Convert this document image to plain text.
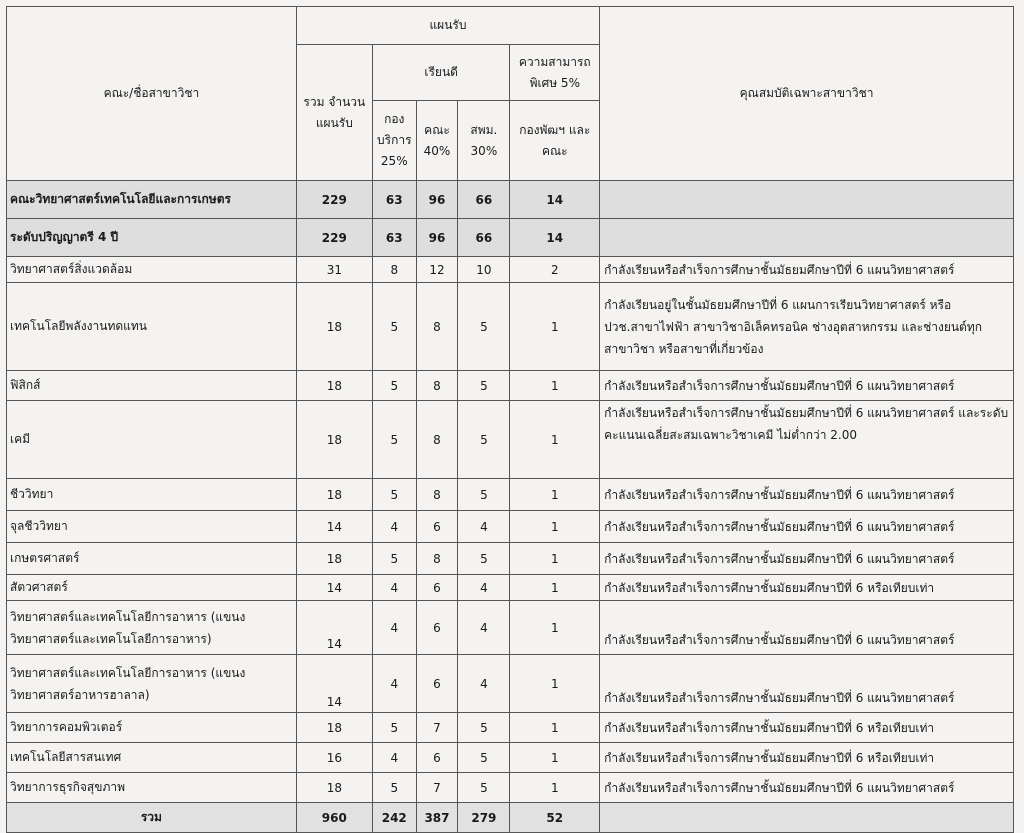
คณะ/ชื่อสาขาวิชา	แผนรับ					คุณสมบัติเฉพาะสาขาวิชา
	รวม จำนวน แผนรับ	เรียนดี			ความสามารถ พิเศษ 5%	
		กอง บริการ 25%	คณะ 40%	สพม. 30%	กองพัฒฯ และคณะ	
คณะวิทยาศาสตร์เทคโนโลยีและการเกษตร	229	63	96	66	14	
ระดับปริญญาตรี 4 ปี	229	63	96	66	14	
วิทยาศาสตร์สิ่งแวดล้อม	31	8	12	10	2	กำลังเรียนหรือสำเร็จการศึกษาชั้นมัธยมศึกษาปีที่ 6 แผนวิทยาศาสตร์
เทคโนโลยีพลังงานทดแทน	18	5	8	5	1	กำลังเรียนอยู่ในชั้นมัธยมศึกษาปีที่ 6 แผนการเรียนวิทยาศาสตร์ หรือ ปวช.สาขาไฟฟ้า สาขาวิชาอิเล็คทรอนิค ช่างอุตสาหกรรม และช่างยนต์ทุก สาขาวิชา หรือสาขาที่เกี่ยวข้อง
ฟิสิกส์	18	5	8	5	1	กำลังเรียนหรือสำเร็จการศึกษาชั้นมัธยมศึกษาปีที่ 6 แผนวิทยาศาสตร์
เคมี	18	5	8	5	1	กำลังเรียนหรือสำเร็จการศึกษาชั้นมัธยมศึกษาปีที่ 6 แผนวิทยาศาสตร์ และระดับคะแนนเฉลี่ยสะสมเฉพาะวิชาเคมี ไม่ต่ำกว่า 2.00
ชีววิทยา	18	5	8	5	1	กำลังเรียนหรือสำเร็จการศึกษาชั้นมัธยมศึกษาปีที่ 6 แผนวิทยาศาสตร์
จุลชีววิทยา	14	4	6	4	1	กำลังเรียนหรือสำเร็จการศึกษาชั้นมัธยมศึกษาปีที่ 6 แผนวิทยาศาสตร์
เกษตรศาสตร์	18	5	8	5	1	กำลังเรียนหรือสำเร็จการศึกษาชั้นมัธยมศึกษาปีที่ 6 แผนวิทยาศาสตร์
สัตวศาสตร์	14	4	6	4	1	กำลังเรียนหรือสำเร็จการศึกษาชั้นมัธยมศึกษาปีที่ 6 หรือเทียบเท่า
วิทยาศาสตร์และเทคโนโลยีการอาหาร (แขนงวิทยาศาสตร์และเทคโนโลยีการอาหาร)	14	4	6	4	1	กำลังเรียนหรือสำเร็จการศึกษาชั้นมัธยมศึกษาปีที่ 6 แผนวิทยาศาสตร์
วิทยาศาสตร์และเทคโนโลยีการอาหาร (แขนงวิทยาศาสตร์อาหารฮาลาล)	14	4	6	4	1	กำลังเรียนหรือสำเร็จการศึกษาชั้นมัธยมศึกษาปีที่ 6 แผนวิทยาศาสตร์
วิทยาการคอมพิวเตอร์	18	5	7	5	1	กำลังเรียนหรือสำเร็จการศึกษาชั้นมัธยมศึกษาปีที่ 6 หรือเทียบเท่า
เทคโนโลยีสารสนเทศ	16	4	6	5	1	กำลังเรียนหรือสำเร็จการศึกษาชั้นมัธยมศึกษาปีที่ 6 หรือเทียบเท่า
วิทยาการธุรกิจสุขภาพ	18	5	7	5	1	กำลังเรียนหรือสำเร็จการศึกษาชั้นมัธยมศึกษาปีที่ 6 แผนวิทยาศาสตร์
รวม	960	242	387	279	52	
